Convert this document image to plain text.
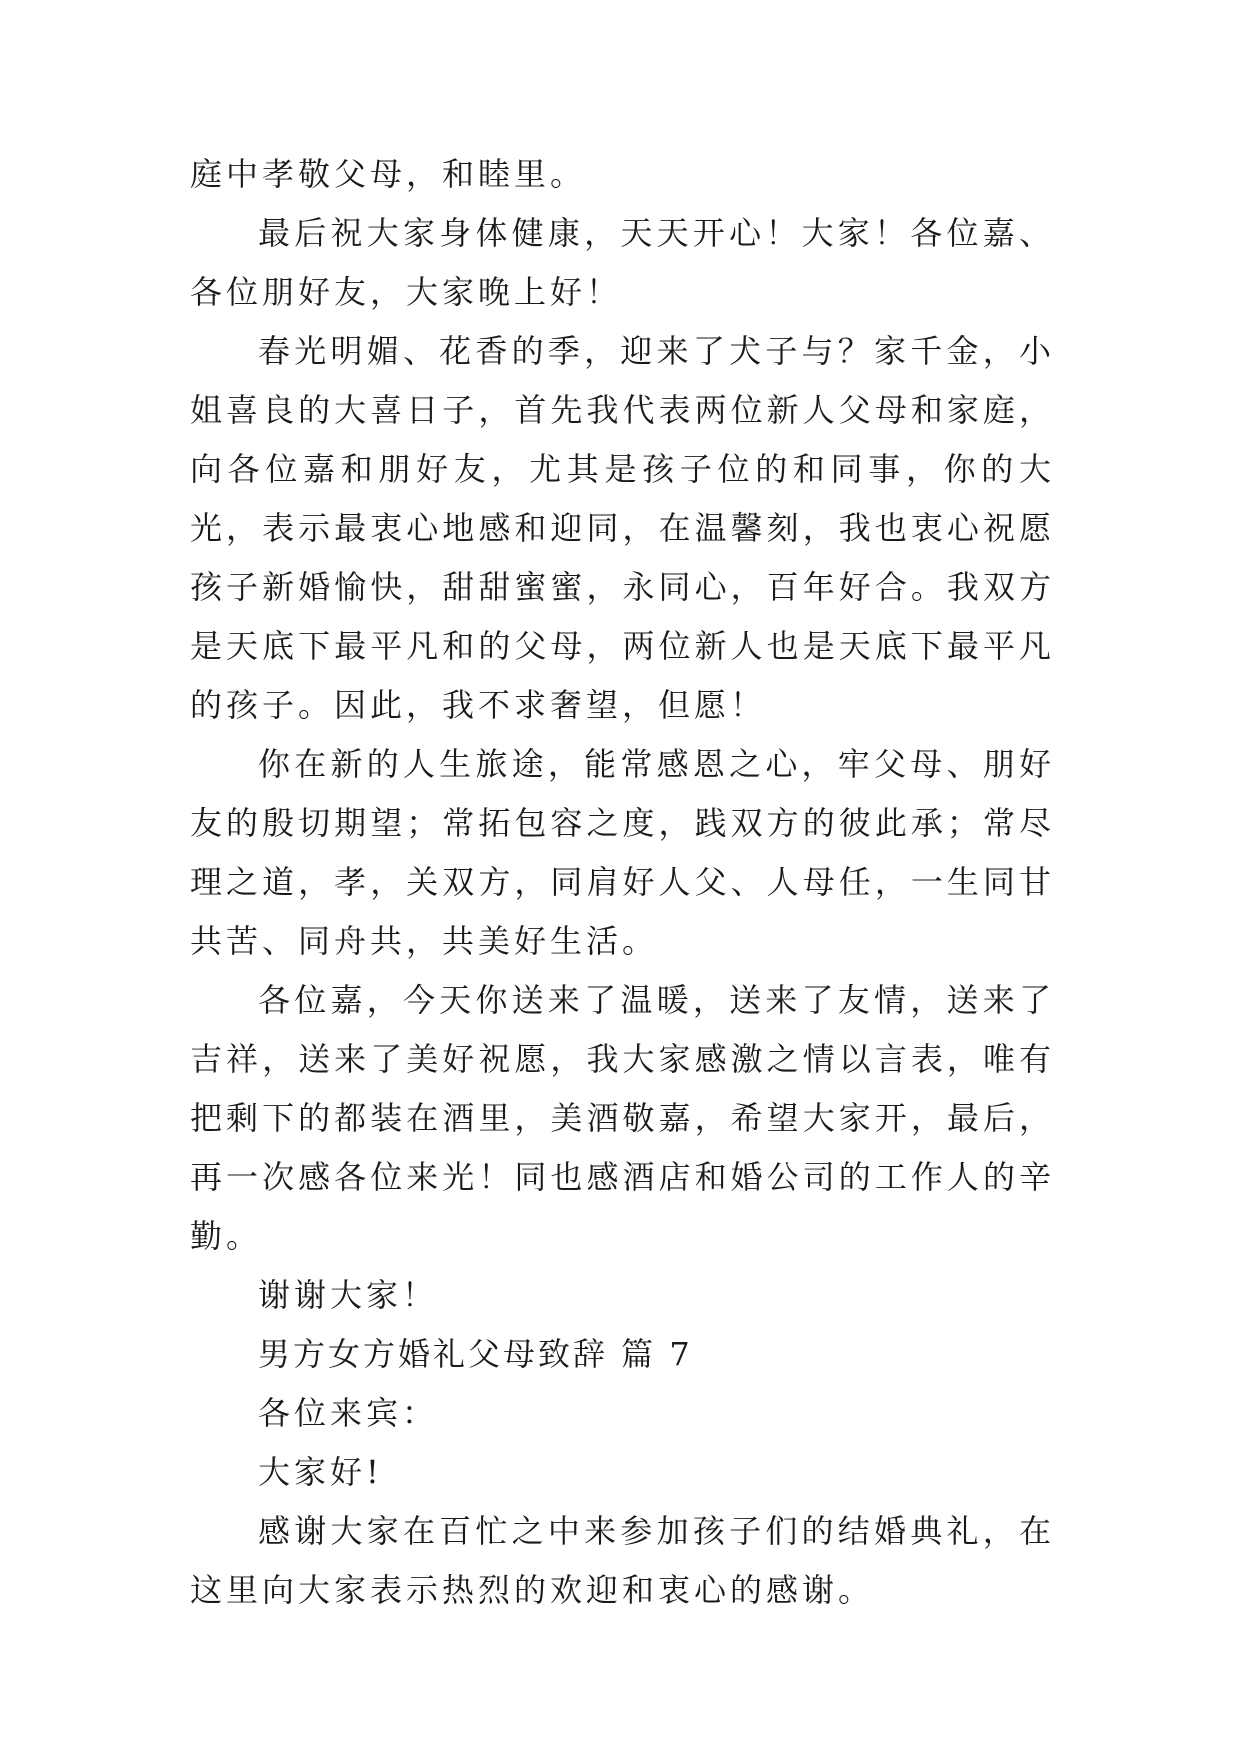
庭中孝敬父母，和睦里。

最后祝大家身体健康，天天开心！大家！各位嘉、各位朋好友，大家晚上好！

春光明媚、花香的季，迎来了犬子与？家千金，小姐喜良的大喜日子，首先我代表两位新人父母和家庭，向各位嘉和朋好友，尤其是孩子位的和同事，你的大光，表示最衷心地感和迎同，在温馨刻，我也衷心祝愿孩子新婚愉快，甜甜蜜蜜，永同心，百年好合。我双方是天底下最平凡和的父母，两位新人也是天底下最平凡的孩子。因此，我不求奢望，但愿！

你在新的人生旅途，能常感恩之心，牢父母、朋好友的殷切期望；常拓包容之度，践双方的彼此承；常尽理之道，孝，关双方，同肩好人父、人母任，一生同甘共苦、同舟共，共美好生活。

各位嘉，今天你送来了温暖，送来了友情，送来了吉祥，送来了美好祝愿，我大家感激之情以言表，唯有把剩下的都装在酒里，美酒敬嘉，希望大家开，最后，再一次感各位来光！同也感酒店和婚公司的工作人的辛勤。

谢谢大家！

男方女方婚礼父母致辞 篇 7

各位来宾：

大家好!

感谢大家在百忙之中来参加孩子们的结婚典礼，在这里向大家表示热烈的欢迎和衷心的感谢。
